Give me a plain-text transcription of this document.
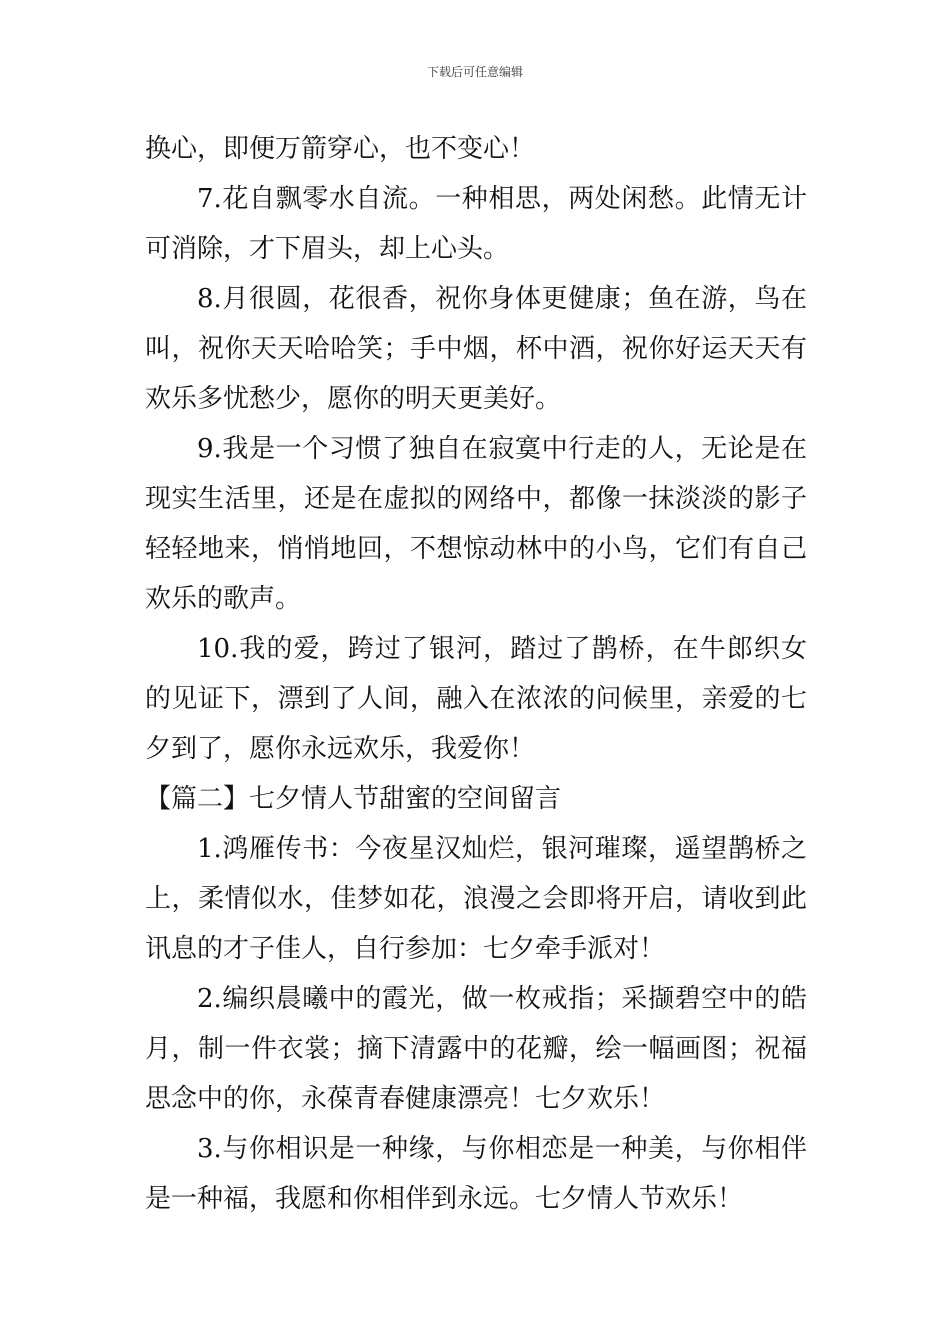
下载后可任意编辑

换心，即便万箭穿心，也不变心！

7.花自飘零水自流。一种相思，两处闲愁。此情无计可消除，才下眉头，却上心头。

8.月很圆，花很香，祝你身体更健康；鱼在游，鸟在叫，祝你天天哈哈笑；手中烟，杯中酒，祝你好运天天有欢乐多忧愁少，愿你的明天更美好。

9.我是一个习惯了独自在寂寞中行走的人，无论是在现实生活里，还是在虚拟的网络中，都像一抹淡淡的影子轻轻地来，悄悄地回，不想惊动林中的小鸟，它们有自己欢乐的歌声。

10.我的爱，跨过了银河，踏过了鹊桥，在牛郎织女的见证下，漂到了人间，融入在浓浓的问候里，亲爱的七夕到了，愿你永远欢乐，我爱你！

【篇二】七夕情人节甜蜜的空间留言

1.鸿雁传书：今夜星汉灿烂，银河璀璨，遥望鹊桥之上，柔情似水，佳梦如花，浪漫之会即将开启，请收到此讯息的才子佳人，自行参加：七夕牵手派对！

2.编织晨曦中的霞光，做一枚戒指；采撷碧空中的皓月，制一件衣裳；摘下清露中的花瓣，绘一幅画图；祝福思念中的你，永葆青春健康漂亮！七夕欢乐！

3.与你相识是一种缘，与你相恋是一种美，与你相伴是一种福，我愿和你相伴到永远。七夕情人节欢乐！
